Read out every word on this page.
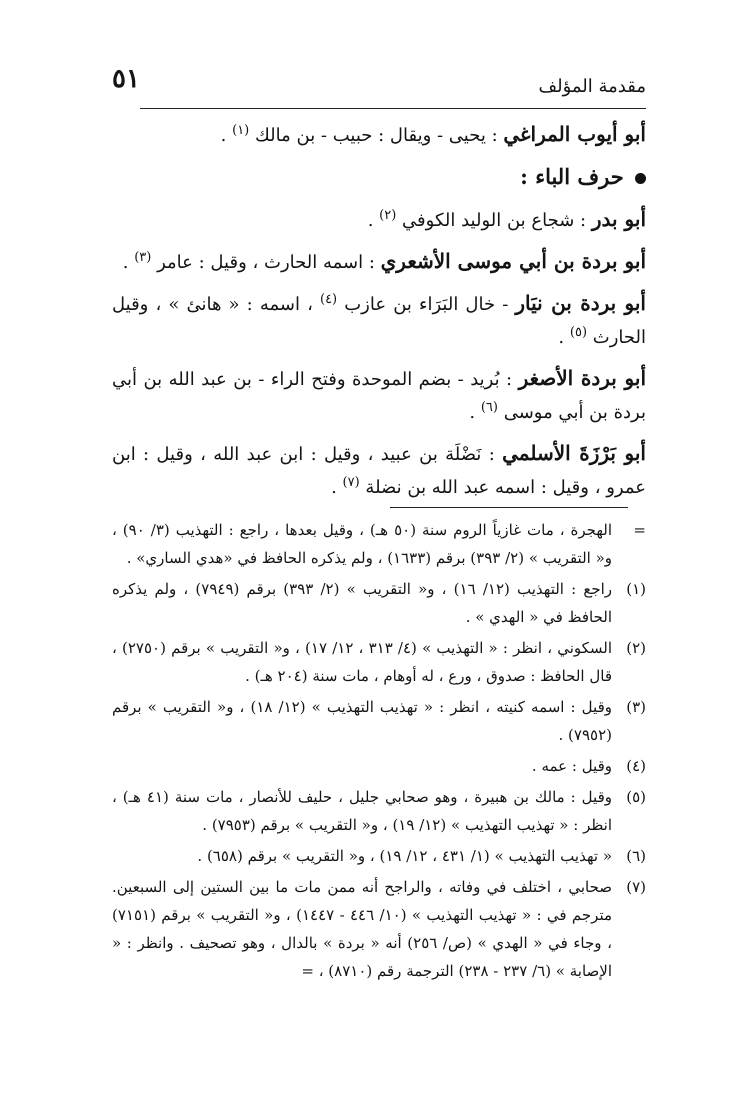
٥١	مقدمة المؤلف

أبو أيوب المراغي : يحيى - ويقال : حبيب - بن مالك $^{(١)}$ .

حرف الباء :

أبو بدر : شجاع بن الوليد الكوفي $^{(٢)}$ .

أبو بردة بن أبي موسى الأشعري : اسمه الحارث ، وقيل : عامر $^{(٣)}$ .

أبو بردة بن نيَار - خال البَرَاء بن عازب $^{(٤)}$ ، اسمه : « هانئ » ، وقيل الحارث $^{(٥)}$ .

أبو بردة الأصغر : بُريد - بضم الموحدة وفتح الراء - بن عبد الله بن أبي بردة بن أبي موسى $^{(٦)}$ .

أبو بَرْزَةَ الأسلمي : نَضْلَة بن عبيد ، وقيل : ابن عبد الله ، وقيل : ابن عمرو ، وقيل : اسمه عبد الله بن نضلة $^{(٧)}$ .

=
الهجرة ، مات غازياً الروم سنة (٥٠ هـ) ، وقيل بعدها ، راجع : التهذيب (٣/ ٩٠) ، و« التقريب » (٢/ ٣٩٣) برقم (١٦٣٣) ، ولم يذكره الحافظ في «هدي الساري» .
(١)
راجع : التهذيب (١٢/ ١٦) ، و« التقريب » (٢/ ٣٩٣) برقم (٧٩٤٩) ، ولم يذكره الحافظ في « الهدي » .
(٢)
السكوني ، انظر : « التهذيب » (٤/ ٣١٣ ، ١٢/ ١٧) ، و« التقريب » برقم (٢٧٥٠) ، قال الحافظ : صدوق ، ورع ، له أوهام ، مات سنة (٢٠٤ هـ) .
(٣)
وقيل : اسمه كنيته ، انظر : « تهذيب التهذيب » (١٢/ ١٨) ، و« التقريب » برقم (٧٩٥٢) .
(٤)
وقيل : عمه .
(٥)
وقيل : مالك بن هبيرة ، وهو صحابي جليل ، حليف للأنصار ، مات سنة (٤١ هـ) ، انظر : « تهذيب التهذيب » (١٢/ ١٩) ، و« التقريب » برقم (٧٩٥٣) .
(٦)
« تهذيب التهذيب » (١/ ٤٣١ ، ١٢/ ١٩) ، و« التقريب » برقم (٦٥٨) .
(٧)
صحابي ، اختلف في وفاته ، والراجح أنه ممن مات ما بين الستين إلى السبعين. مترجم في : « تهذيب التهذيب » (١٠/ ٤٤٦ - ١٤٤٧) ، و« التقريب » برقم (٧١٥١) ، وجاء في « الهدي » (ص/ ٢٥٦) أنه « بردة » بالدال ، وهو تصحيف . وانظر : « الإصابة » (٦/ ٢٣٧ - ٢٣٨) الترجمة رقم (٨٧١٠) ، =
